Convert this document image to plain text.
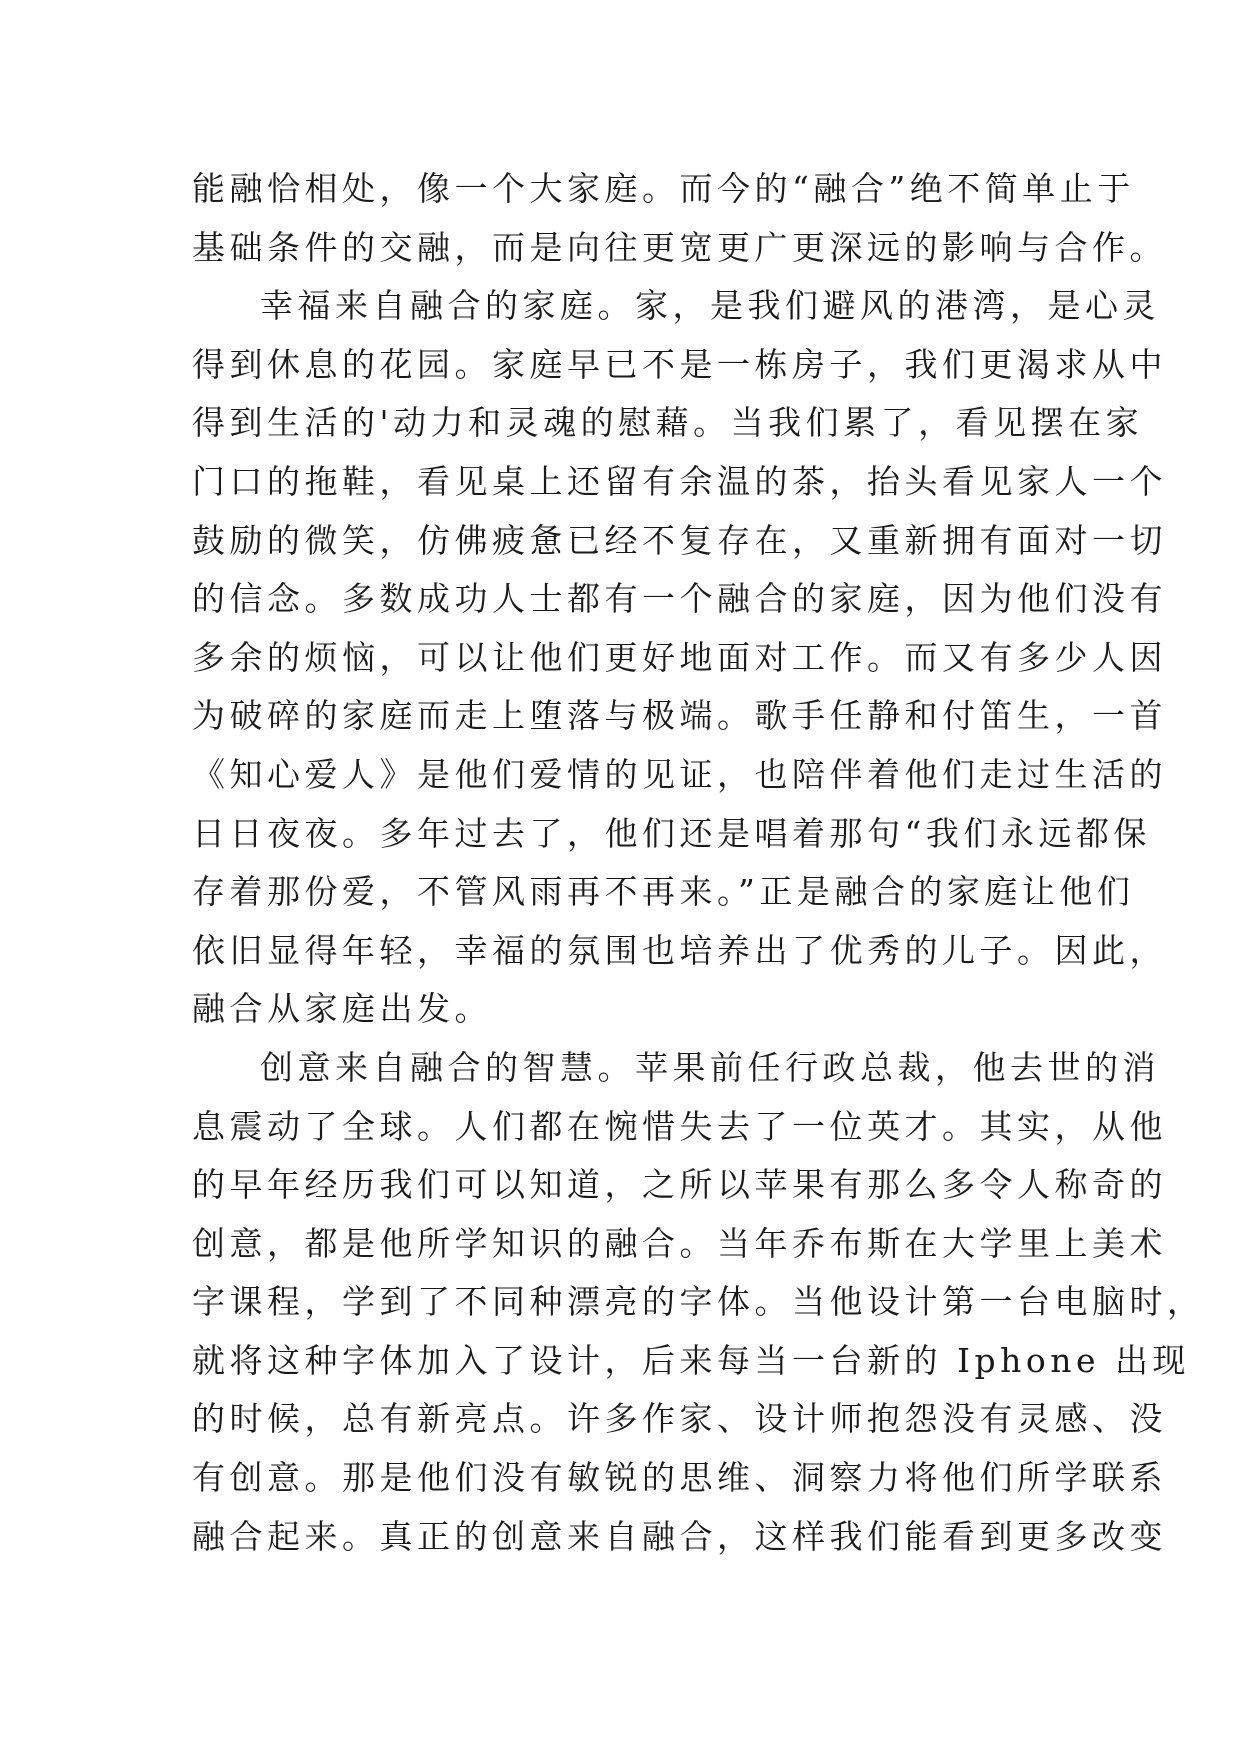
能融恰相处，像一个大家庭。而今的“融合”绝不简单止于
基础条件的交融，而是向往更宽更广更深远的影响与合作。
幸福来自融合的家庭。家，是我们避风的港湾，是心灵
得到休息的花园。家庭早已不是一栋房子，我们更渴求从中
得到生活的'动力和灵魂的慰藉。当我们累了，看见摆在家
门口的拖鞋，看见桌上还留有余温的茶，抬头看见家人一个
鼓励的微笑，仿佛疲惫已经不复存在，又重新拥有面对一切
的信念。多数成功人士都有一个融合的家庭，因为他们没有
多余的烦恼，可以让他们更好地面对工作。而又有多少人因
为破碎的家庭而走上堕落与极端。歌手任静和付笛生，一首
《知心爱人》是他们爱情的见证，也陪伴着他们走过生活的
日日夜夜。多年过去了，他们还是唱着那句“我们永远都保
存着那份爱，不管风雨再不再来。”正是融合的家庭让他们
依旧显得年轻，幸福的氛围也培养出了优秀的儿子。因此，
融合从家庭出发。
创意来自融合的智慧。苹果前任行政总裁，他去世的消
息震动了全球。人们都在惋惜失去了一位英才。其实，从他
的早年经历我们可以知道，之所以苹果有那么多令人称奇的
创意，都是他所学知识的融合。当年乔布斯在大学里上美术
字课程，学到了不同种漂亮的字体。当他设计第一台电脑时，
就将这种字体加入了设计，后来每当一台新的 Iphone 出现
的时候，总有新亮点。许多作家、设计师抱怨没有灵感、没
有创意。那是他们没有敏锐的思维、洞察力将他们所学联系
融合起来。真正的创意来自融合，这样我们能看到更多改变
